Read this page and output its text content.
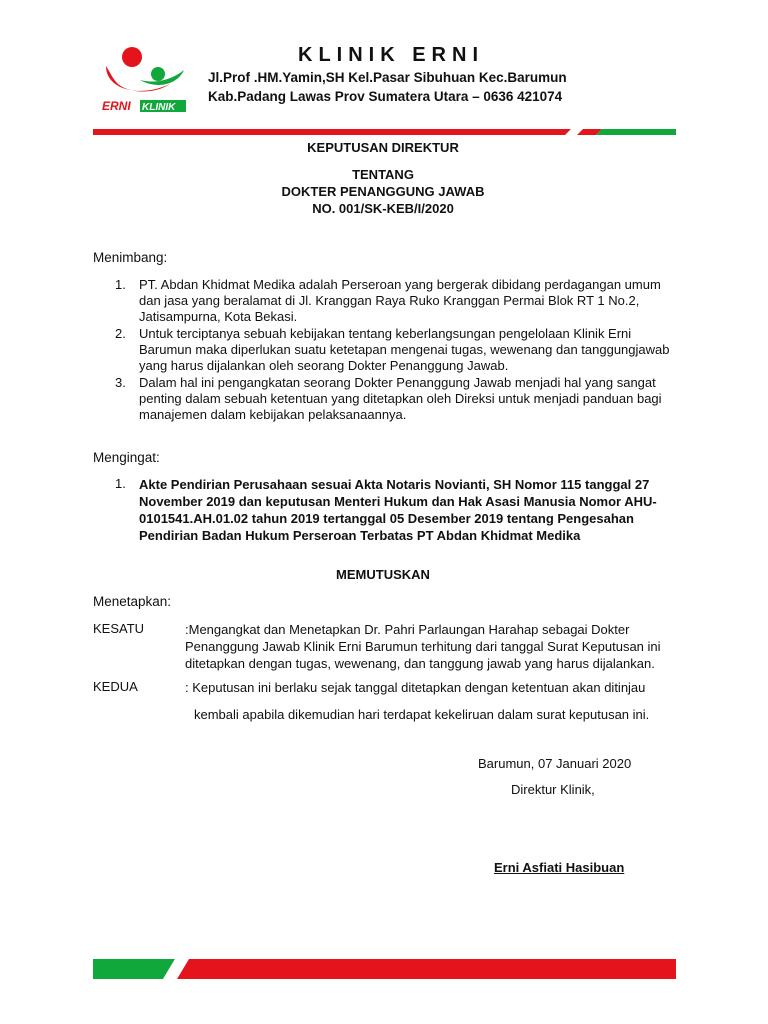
ERNI KLINIK
KLINIK ERNI
Jl.Prof .HM.Yamin,SH Kel.Pasar Sibuhuan Kec.Barumun
Kab.Padang Lawas Prov Sumatera Utara – 0636 421074
KEPUTUSAN DIREKTUR
TENTANG
DOKTER PENANGGUNG JAWAB
NO. 001/SK-KEB/I/2020
Menimbang:
1. PT. Abdan Khidmat Medika adalah Perseroan yang bergerak dibidang perdagangan umum
dan jasa yang beralamat di Jl. Kranggan Raya Ruko Kranggan Permai Blok RT 1 No.2,
Jatisampurna, Kota Bekasi.
2. Untuk terciptanya sebuah kebijakan tentang keberlangsungan pengelolaan Klinik Erni
Barumun maka diperlukan suatu ketetapan mengenai tugas, wewenang dan tanggungjawab
yang harus dijalankan oleh seorang Dokter Penanggung Jawab.
3. Dalam hal ini pengangkatan seorang Dokter Penanggung Jawab menjadi hal yang sangat
penting dalam sebuah ketentuan yang ditetapkan oleh Direksi untuk menjadi panduan bagi
manajemen dalam kebijakan pelaksanaannya.
Mengingat:
1. Akte Pendirian Perusahaan sesuai Akta Notaris Novianti, SH Nomor 115 tanggal 27
November 2019 dan keputusan Menteri Hukum dan Hak Asasi Manusia Nomor AHU-
0101541.AH.01.02 tahun 2019 tertanggal 05 Desember 2019 tentang Pengesahan
Pendirian Badan Hukum Perseroan Terbatas PT Abdan Khidmat Medika
MEMUTUSKAN
Menetapkan:
KESATU	:Mengangkat dan Menetapkan Dr. Pahri Parlaungan Harahap sebagai Dokter
Penanggung Jawab Klinik Erni Barumun terhitung dari tanggal Surat Keputusan ini
ditetapkan dengan tugas, wewenang, dan tanggung jawab yang harus dijalankan.
KEDUA	: Keputusan ini berlaku sejak tanggal ditetapkan dengan ketentuan akan ditinjau
kembali apabila dikemudian hari terdapat kekeliruan dalam surat keputusan ini.
Barumun, 07 Januari 2020
Direktur Klinik,
Erni Asfiati Hasibuan
